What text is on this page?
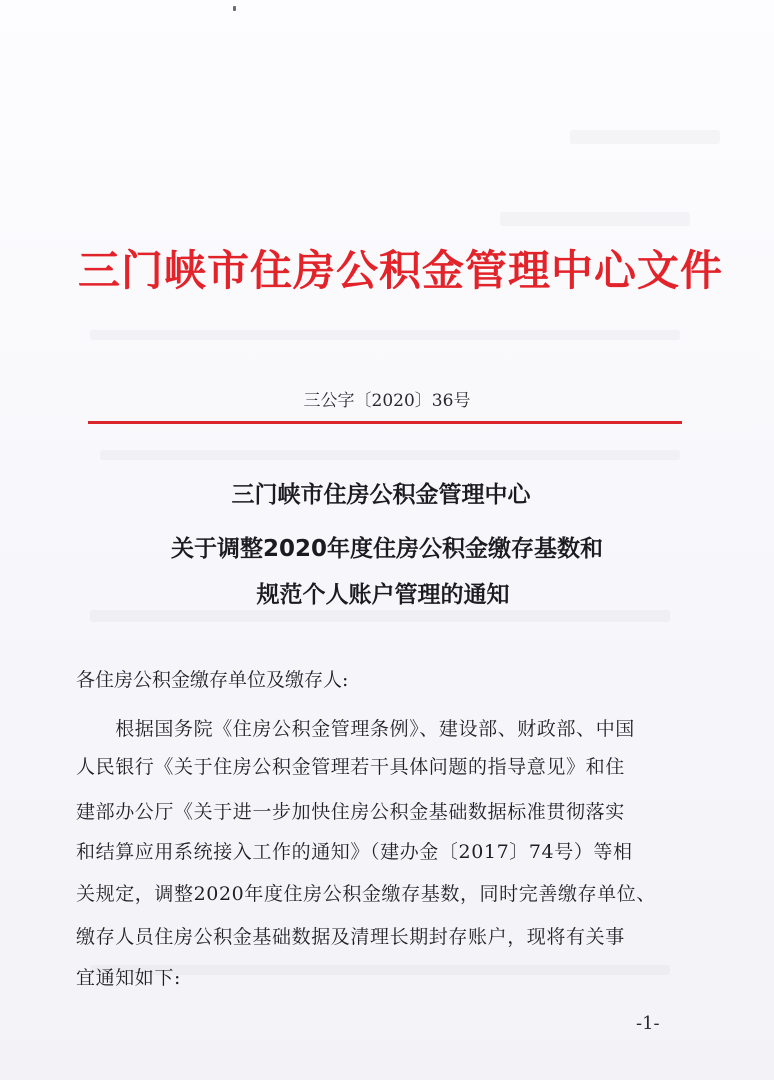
三门峡市住房公积金管理中心文件
三公字〔2020〕36号
三门峡市住房公积金管理中心
关于调整2020年度住房公积金缴存基数和
规范个人账户管理的通知
各住房公积金缴存单位及缴存人:
　　根据国务院《住房公积金管理条例》、建设部、财政部、中国
人民银行《关于住房公积金管理若干具体问题的指导意见》和住
建部办公厅《关于进一步加快住房公积金基础数据标准贯彻落实
和结算应用系统接入工作的通知》（建办金〔2017〕74号）等相
关规定，调整2020年度住房公积金缴存基数，同时完善缴存单位、
缴存人员住房公积金基础数据及清理长期封存账户，现将有关事
宜通知如下:
-1-
